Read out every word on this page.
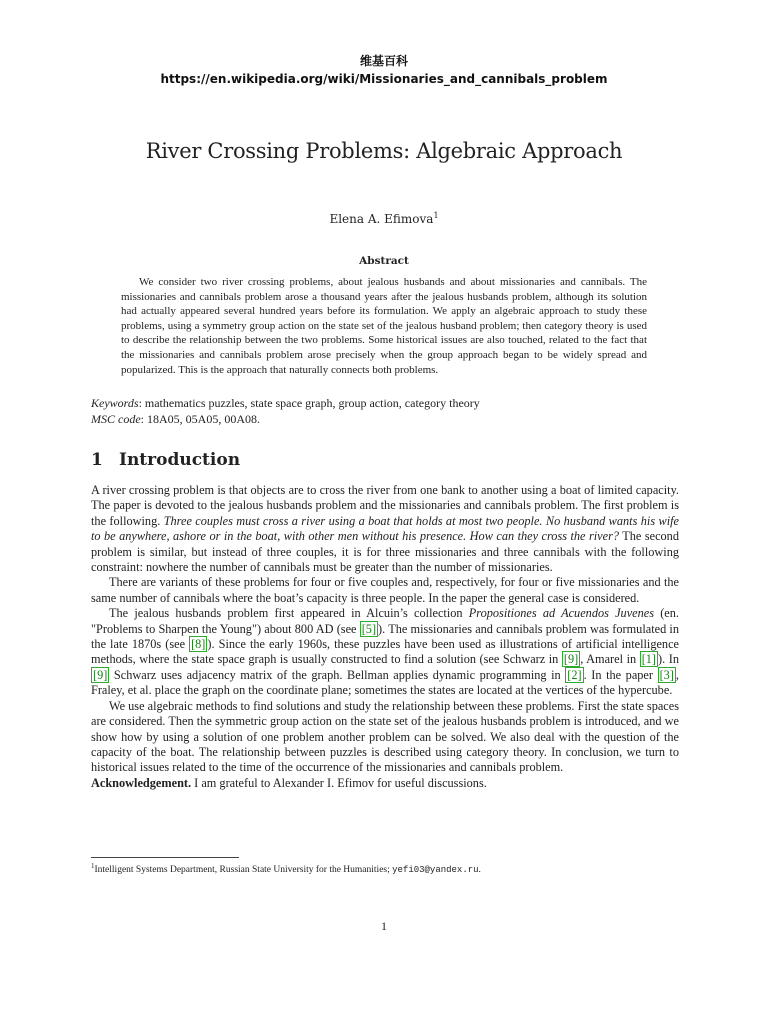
维基百科
https://en.wikipedia.org/wiki/Missionaries_and_cannibals_problem
River Crossing Problems: Algebraic Approach
Elena A. Efimova$^1$
Abstract
We consider two river crossing problems, about jealous husbands and about missionaries and cannibals. The missionaries and cannibals problem arose a thousand years after the jealous husbands problem, although its solution had actually appeared several hundred years before its formulation. We apply an algebraic approach to study these problems, using a symmetry group action on the state set of the jealous husband problem; then category theory is used to describe the relationship between the two problems. Some historical issues are also touched, related to the fact that the missionaries and cannibals problem arose precisely when the group approach began to be widely spread and popularized. This is the approach that naturally connects both problems.
Keywords: mathematics puzzles, state space graph, group action, category theory
MSC code: 18A05, 05A05, 00A08.
1 Introduction

A river crossing problem is that objects are to cross the river from one bank to another using a boat of limited capacity. The paper is devoted to the jealous husbands problem and the missionaries and cannibals problem. The first problem is the following. Three couples must cross a river using a boat that holds at most two people. No husband wants his wife to be anywhere, ashore or in the boat, with other men without his presence. How can they cross the river? The second problem is similar, but instead of three couples, it is for three missionaries and three cannibals with the following constraint: nowhere the number of cannibals must be greater than the number of missionaries.

There are variants of these problems for four or five couples and, respectively, for four or five missionaries and the same number of cannibals where the boat’s capacity is three people. In the paper the general case is considered.

The jealous husbands problem first appeared in Alcuin’s collection Propositiones ad Acuendos Juvenes (en. "Problems to Sharpen the Young") about 800 AD (see [5] ). The missionaries and cannibals problem was formulated in the late 1870s (see [8] ). Since the early 1960s, these puzzles have been used as illustrations of artificial intelligence methods, where the state space graph is usually constructed to find a solution (see Schwarz in [9] , Amarel in [1] ). In [9] Schwarz uses adjacency matrix of the graph. Bellman applies dynamic programming in [2] . In the paper [3] , Fraley, et al. place the graph on the coordinate plane; sometimes the states are located at the vertices of the hypercube.

We use algebraic methods to find solutions and study the relationship between these problems. First the state spaces are considered. Then the symmetric group action on the state set of the jealous husbands problem is introduced, and we show how by using a solution of one problem another problem can be solved. We also deal with the question of the capacity of the boat. The relationship between puzzles is described using category theory. In conclusion, we turn to historical issues related to the time of the occurrence of the missionaries and cannibals problem.

Acknowledgement. I am grateful to Alexander I. Efimov for useful discussions.

$^1$Intelligent Systems Department, Russian State University for the Humanities; yefi03@yandex.ru.
1
